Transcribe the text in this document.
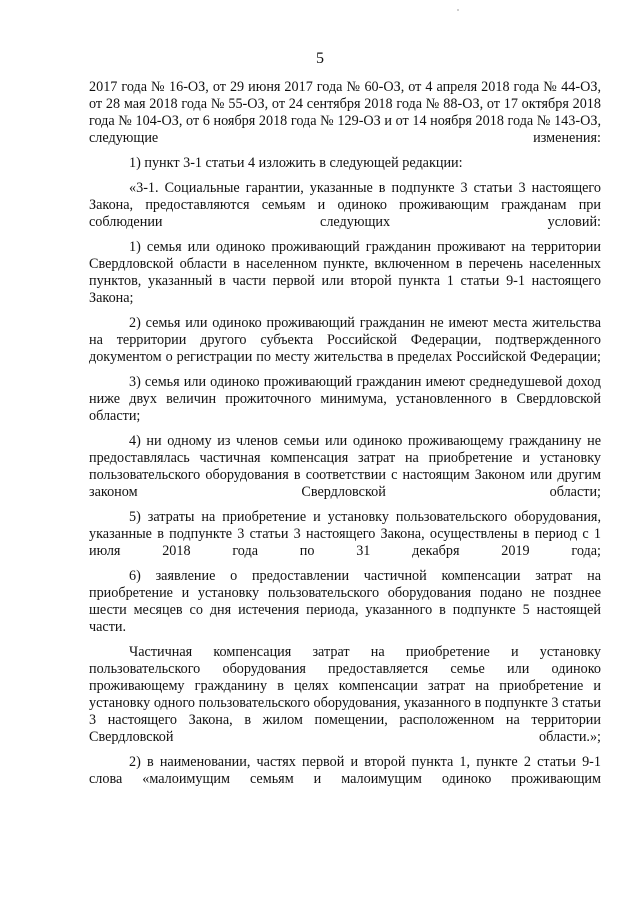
5

2017 года № 16-ОЗ, от 29 июня 2017 года № 60-ОЗ, от 4 апреля 2018 года № 44-ОЗ, от 28 мая 2018 года № 55-ОЗ, от 24 сентября 2018 года № 88-ОЗ, от 17 октября 2018 года № 104-ОЗ, от 6 ноября 2018 года № 129-ОЗ и от 14 ноября 2018 года № 143-ОЗ, следующие изменения:

1) пункт 3-1 статьи 4 изложить в следующей редакции:

«3-1. Социальные гарантии, указанные в подпункте 3 статьи 3 настоящего Закона, предоставляются семьям и одиноко проживающим гражданам при соблюдении следующих условий:

1) семья или одиноко проживающий гражданин проживают на территории Свердловской области в населенном пункте, включенном в перечень населенных пунктов, указанный в части первой или второй пункта 1 статьи 9-1 настоящего Закона;

2) семья или одиноко проживающий гражданин не имеют места жительства на территории другого субъекта Российской Федерации, подтвержденного документом о регистрации по месту жительства в пределах Российской Федерации;

3) семья или одиноко проживающий гражданин имеют среднедушевой доход ниже двух величин прожиточного минимума, установленного в Свердловской области;

4) ни одному из членов семьи или одиноко проживающему гражданину не предоставлялась частичная компенсация затрат на приобретение и установку пользовательского оборудования в соответствии с настоящим Законом или другим законом Свердловской области;

5) затраты на приобретение и установку пользовательского оборудования, указанные в подпункте 3 статьи 3 настоящего Закона, осуществлены в период с 1 июля 2018 года по 31 декабря 2019 года;

6) заявление о предоставлении частичной компенсации затрат на приобретение и установку пользовательского оборудования подано не позднее шести месяцев со дня истечения периода, указанного в подпункте 5 настоящей части.

Частичная компенсация затрат на приобретение и установку пользовательского оборудования предоставляется семье или одиноко проживающему гражданину в целях компенсации затрат на приобретение и установку одного пользовательского оборудования, указанного в подпункте 3 статьи 3 настоящего Закона, в жилом помещении, расположенном на территории Свердловской области.»;

2) в наименовании, частях первой и второй пункта 1, пункте 2 статьи 9-1 слова «малоимущим семьям и малоимущим одиноко проживающим
